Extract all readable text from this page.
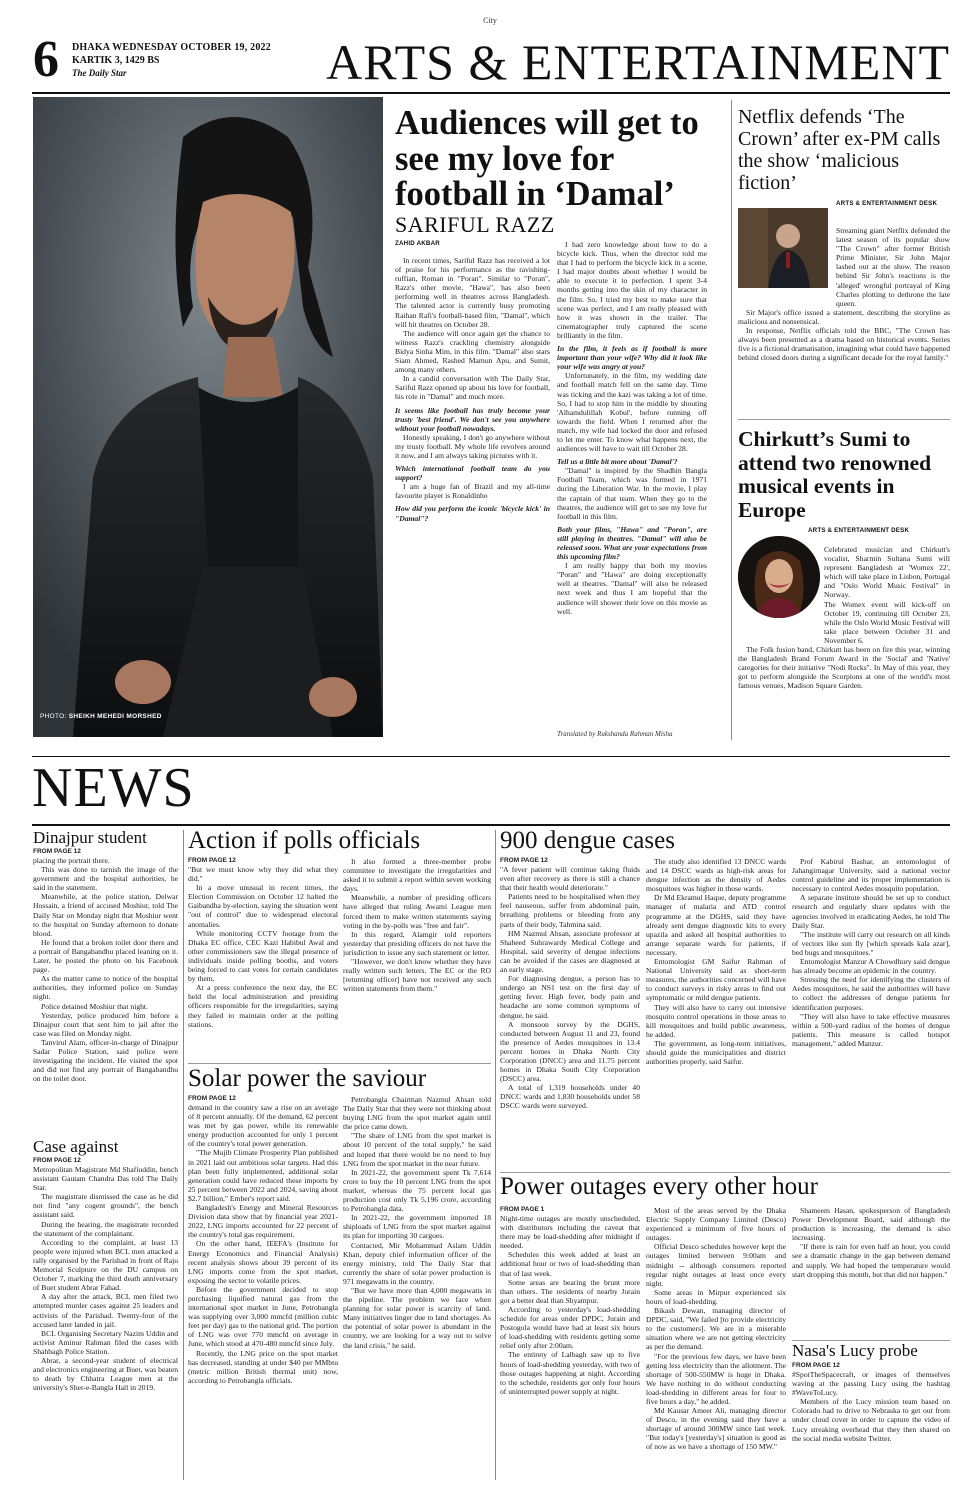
City
6 DHAKA WEDNESDAY OCTOBER 19, 2022
KARTIK 3, 1429 BS
The Daily Star	ARTS & ENTERTAINMENT
PHOTO: SHEIKH MEHEDI MORSHED
Audiences will get to see my love for football in ‘Damal’
SARIFUL RAZZ
ZAHID AKBAR

In recent times, Sariful Razz has received a lot of praise for his performance as the ravishing-ruffian, Roman in "Poran". Similar to "Poran", Razz's other movie, "Hawa", has also been performing well in theatres across Bangladesh. The talented actor is currently busy promoting Raihan Rafi's football-based film, "Damal", which will hit theatres on October 28.

The audience will once again get the chance to witness Razz's crackling chemistry alongside Bidya Sinha Mim, in this film. "Damal" also stars Siam Ahmed, Rashed Mamun Apu, and Sumit, among many others.

In a candid conversation with The Daily Star, Sariful Razz opened up about his love for football, his role in "Damal" and much more.

It seems like football has truly become your trusty 'best friend'. We don't see you anywhere without your football nowadays.

Honestly speaking, I don't go anywhere without my trusty football. My whole life revolves around it now, and I am always taking pictures with it.

Which international football team do you support?

I am a huge fan of Brazil and my all-time favourite player is Ronaldinho

How did you perform the iconic 'bicycle kick' in "Damal"?

I had zero knowledge about how to do a bicycle kick. Thus, when the director told me that I had to perform the bicycle kick in a scene, I had major doubts about whether I would be able to execute it to perfection. I spent 3-4 months getting into the skin of my character in the film. So, I tried my best to make sure that scene was perfect, and I am really pleased with how it was shown in the trailer. The cinematographer truly captured the scene brilliantly in the film.

In the film, it feels as if football is more important than your wife? Why did it look like your wife was angry at you?

Unfortunately, in the film, my wedding date and football match fell on the same day. Time was ticking and the kazi was taking a lot of time. So, I had to stop him in the middle by shouting 'Alhamdulillah Kobul', before running off towards the field. When I returned after the match, my wife had locked the door and refused to let me enter. To know what happens next, the audiences will have to wait till October 28.

Tell us a little bit more about 'Damal'?

"Damal" is inspired by the Shadhin Bangla Football Team, which was formed in 1971 during the Liberation War. In the movie, I play the captain of that team. When they go to the theatres, the audience will get to see my love for football in this film.

Both your films, "Hawa" and "Poran", are still playing in theatres. "Damal" will also be released soon. What are your expectations from this upcoming film?

I am really happy that both my movies "Poran" and "Hawa" are doing exceptionally well at theatres. "Damal" will also be released next week and thus I am hopeful that the audience will shower their love on this movie as well.

Translated by Rukshanda Rahman Misha
Netflix defends ‘The Crown’ after ex-PM calls the show ‘malicious fiction’
ARTS & ENTERTAINMENT DESK

Streaming giant Netflix defended the latest season of its popular show "The Crown" after former British Prime Minister, Sir John Major lashed out at the show. The reason behind Sir John's reactions is the 'alleged' wrongful portrayal of King Charles plotting to dethrone the late queen.

Sir Major's office issued a statement, describing the storyline as malicious and nonsensical.

In response, Netflix officials told the BBC, "The Crown has always been presented as a drama based on historical events. Series five is a fictional dramatisation, imagining what could have happened behind closed doors during a significant decade for the royal family."

Chirkutt’s Sumi to attend two renowned musical events in Europe
ARTS & ENTERTAINMENT DESK

Celebrated musician and Chirkutt's vocalist, Sharmin Sultana Sumi will represent Bangladesh at 'Womex 22', which will take place in Lisbon, Portugal and "Oslo World Music Festival" in Norway.

The Womex event will kick-off on October 19, continuing till October 23, while the Oslo World Music Festival will take place between October 31 and November 6.

The Folk fusion band, Chirkutt has been on fire this year, winning the Bangladesh Brand Forum Award in the 'Social' and 'Native' categories for their initiative "Nodi Rocks". In May of this year, they got to perform alongside the Scorpions at one of the world's most famous venues, Madison Square Garden.

NEWS
Dinajpur student

FROM PAGE 12

placing the portrait there.

This was done to tarnish the image of the government and the hospital authorities, he said in the statement.

Meanwhile, at the police station, Delwar Hossain, a friend of accused Moshiur, told The Daily Star on Monday night that Moshiur went to the hospital on Sunday afternoon to donate blood.

He found that a broken toilet door there and a portrait of Bangabandhu placed leaning on it. Later, he posted the photo on his Facebook page.

As the matter came to notice of the hospital authorities, they informed police on Sunday night.

Police detained Moshiur that night.

Yesterday, police produced him before a Dinajpur court that sent him to jail after the case was filed on Monday night.

Tanvirul Alam, officer-in-charge of Dinajpur Sadar Police Station, said police were investigating the incident. He visited the spot and did not find any portrait of Bangabandhu on the toilet door.

Case against

FROM PAGE 12

Metropolitan Magistrate Md Shafiuddin, bench assistant Gautam Chandra Das told The Daily Star.

The magistrate dismissed the case as he did not find "any cogent grounds", the bench assistant said.

During the hearing, the magistrate recorded the statement of the complainant.

According to the complaint, at least 13 people were injured when BCL men attacked a rally organised by the Parishad in front of Raju Memorial Sculpture on the DU campus on October 7, marking the third death anniversary of Buet student Abrar Fahad.

A day after the attack, BCL men filed two attempted murder cases against 25 leaders and activists of the Parishad. Twenty-four of the accused later landed in jail.

BCL Organising Secretary Nazim Uddin and activist Aminur Rahman filed the cases with Shahbagh Police Station.

Abrar, a second-year student of electrical and electronics engineering at Buet, was beaten to death by Chhatra League men at the university's Sher-e-Bangla Hall in 2019.

Action if polls officials

FROM PAGE 12

"But we must know why they did what they did."

In a move unusual in recent times, the Election Commission on October 12 halted the Gaibandha by-election, saying the situation went "out of control" due to widespread electoral anomalies.

While monitoring CCTV footage from the Dhaka EC office, CEC Kazi Habibul Awal and other commissioners saw the illegal presence of individuals inside polling booths, and voters being forced to cast votes for certain candidates by them.

At a press conference the next day, the EC held the local administration and presiding officers responsible for the irregularities, saying they failed to maintain order at the polling stations.

It also formed a three-member probe committee to investigate the irregularities and asked it to submit a report within seven working days.

Meanwhile, a number of presiding officers have alleged that ruling Awami League men forced them to make written statements saying voting in the by-polls was "free and fair".

In this regard, Alamgir told reporters yesterday that presiding officers do not have the jurisdiction to issue any such statement or letter.

"However, we don't know whether they have really written such letters. The EC or the RO [returning officer] have not received any such written statements from them."

Solar power the saviour

FROM PAGE 12

demand in the country saw a rise on an average of 8 percent annually. Of the demand, 62 percent was met by gas power, while its renewable energy production accounted for only 1 percent of the country's total power generation.

"The Mujib Climate Prosperity Plan published in 2021 laid out ambitious solar targets. Had this plan been fully implemented, additional solar generation could have reduced these imports by 25 percent between 2022 and 2024, saving about $2.7 billion," Ember's report said.

Bangladesh's Energy and Mineral Resources Division data show that by financial year 2021-2022, LNG imports accounted for 22 percent of the country's total gas requirement.

On the other hand, IEEFA's (Institute for Energy Economics and Financial Analysis) recent analysis shows about 39 percent of its LNG imports come from the spot market, exposing the sector to volatile prices.

Before the government decided to stop purchasing liquified natural gas from the international spot market in June, Petrobangla was supplying over 3,000 mmcfd (million cubic feet per day) gas to the national grid. The portion of LNG was over 770 mmcfd on average in June, which stood at 470-480 mmcfd since July.

Recently, the LNG price on the spot market has decreased, standing at under $40 per MMbtu (metric million British thermal unit) now, according to Petrobangla officials.

Petrobangla Chairman Nazmul Ahsan told The Daily Star that they were not thinking about buying LNG from the spot market again until the price came down.

"The share of LNG from the spot market is about 10 percent of the total supply," he said and hoped that there would be no need to buy LNG from the spot market in the near future.

In 2021-22, the government spent Tk 7,614 crore to buy the 10 percent LNG from the spot market, whereas the 75 percent local gas production cost only Tk 5,196 crore, according to Petrobangla data.

In 2021-22, the government imported 18 shiploads of LNG from the spot market against its plan for importing 30 cargoes.

Contacted, Mir Mohammad Aslam Uddin Khan, deputy chief information officer of the energy ministry, told The Daily Star that currently the share of solar power production is 971 megawatts in the country.

"But we have more than 4,000 megawatts in the pipeline. The problem we face when planning for solar power is scarcity of land. Many initiatives linger due to land shortages. As the potential of solar power is abundant in the country, we are looking for a way out to solve the land crisis," he said.

900 dengue cases

FROM PAGE 12

"A fever patient will continue taking fluids even after recovery as there is still a chance that their health would deteriorate."

Patients need to be hospitalised when they feel nauseous, suffer from abdominal pain, breathing problems or bleeding from any parts of their body, Tahmina said.

HM Nazmul Ahsan, associate professor at Shaheed Suhrawardy Medical College and Hospital, said severity of dengue infections can be avoided if the cases are diagnosed at an early stage.

For diagnosing dengue, a person has to undergo an NS1 test on the first day of getting fever. High fever, body pain and headache are some common symptoms of dengue, he said.

A monsoon survey by the DGHS, conducted between August 11 and 23, found the presence of Aedes mosquitoes in 13.4 percent homes in Dhaka North City Corporation (DNCC) area and 11.75 percent homes in Dhaka South City Corporation (DSCC) area.

A total of 1,319 households under 40 DNCC wards and 1,830 households under 58 DSCC wards were surveyed.

The study also identified 13 DNCC wards and 14 DSCC wards as high-risk areas for dengue infection as the density of Aedes mosquitoes was higher in those wards.

Dr Md Ekramul Haque, deputy programme manager of malaria and ATD control programme at the DGHS, said they have already sent dengue diagnostic kits to every upazila and asked all hospital authorities to arrange separate wards for patients, if necessary.

Entomologist GM Saifur Rahman of National University said as short-term measures, the authorities concerned will have to conduct surveys in risky areas to find out symptomatic or mild dengue patients.

They will also have to carry out intensive mosquito control operations in those areas to kill mosquitoes and build public awareness, he added.

The government, as long-term initiatives, should guide the municipalities and district authorities properly, said Saifur.

Prof Kabirul Bashar, an entomologist of Jahangirnagar University, said a national vector control guideline and its proper implementation is necessary to control Aedes mosquito population.

A separate institute should be set up to conduct research and regularly share updates with the agencies involved in eradicating Aedes, he told The Daily Star.

"The institute will carry out research on all kinds of vectors like sun fly [which spreads kala azar], bed bugs and mosquitoes."

Entomologist Manzur A Chowdhury said dengue has already become an epidemic in the country.

Stressing the need for identifying the clusters of Aedes mosquitoes, he said the authorities will have to collect the addresses of dengue patients for identification purposes.

"They will also have to take effective measures within a 500-yard radius of the homes of dengue patients. This measure is called hotspot management," added Manzur.

Power outages every other hour

FROM PAGE 1

Night-time outages are mostly unscheduled, with distributors including the caveat that there may be load-shedding after midnight if needed.

Schedules this week added at least an additional hour or two of load-shedding than that of last week.

Some areas are bearing the brunt more than others. The residents of nearby Jurain got a better deal than Shyampur.

According to yesterday's load-shedding schedule for areas under DPDC, Jurain and Postogola would have had at least six hours of load-shedding with residents getting some relief only after 2:00am.

The entirety of Lalbagh saw up to five hours of load-shedding yesterday, with two of those outages happening at night. According to the schedule, residents got only four hours of uninterrupted power supply at night.

Most of the areas served by the Dhaka Electric Supply Company Limited (Desco) experienced a minimum of five hours of outages.

Official Desco schedules however kept the outages limited between 9:00am and midnight -- although consumers reported regular night outages at least once every night.

Some areas in Mirpur experienced six hours of load-shedding.

Bikash Dewan, managing director of DPDC, said, "We failed [to provide electricity to the customers]. We are in a miserable situation where we are not getting electricity as per the demand.

"For the previous few days, we have been getting less electricity than the allotment. The shortage of 500-550MW is huge in Dhaka. We have nothing to do without conducting load-shedding in different areas for four to five hours a day," he added.

Md Kausar Ameer Ali, managing director of Desco, in the evening said they have a shortage of around 300MW since last week. "But today's [yesterday's] situation is good as of now as we have a shortage of 150 MW."

Shameem Hasan, spokesperson of Bangladesh Power Development Board, said although the production is increasing, the demand is also increasing.

"If there is rain for even half an hour, you could see a dramatic change in the gap between demand and supply. We had hoped the temperature would start dropping this month, but that did not happen."

Nasa's Lucy probe

FROM PAGE 12

#SpotTheSpacecraft, or images of themselves waving at the passing Lucy using the hashtag #WaveToLucy.

Members of the Lucy mission team based on Colorado had to drive to Nebraska to get out from under cloud cover in order to capture the video of Lucy streaking overhead that they then shared on the social media website Twitter.
